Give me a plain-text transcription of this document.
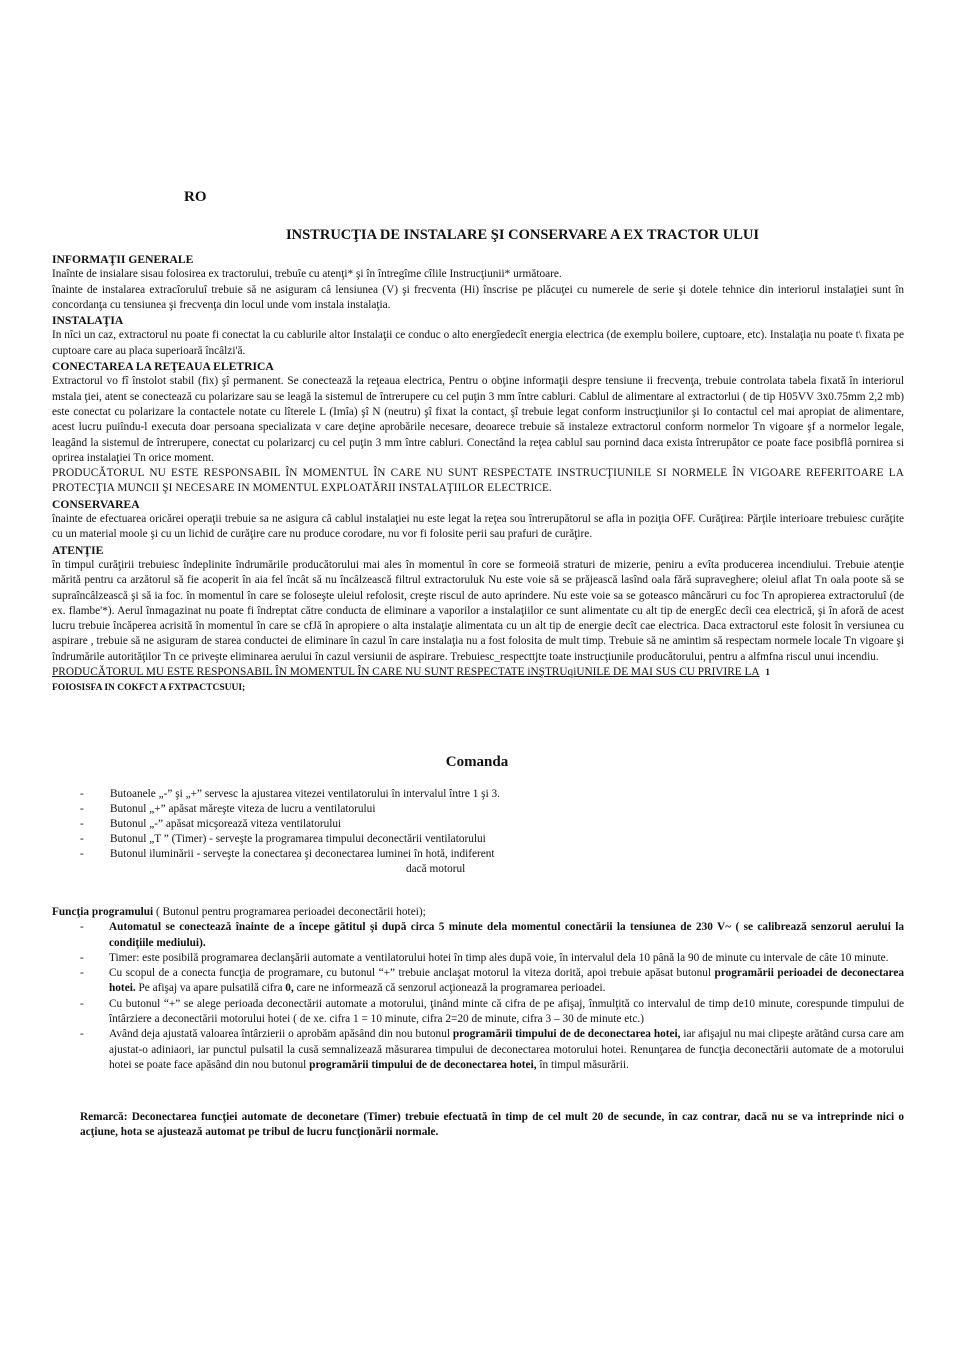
RO
INSTRUCŢIA DE INSTALARE ŞI CONSERVARE A EX TRACTOR ULUI
INFORMAŢII GENERALE

Inaînte de insialare sisau folosirea ex tractorului, trebuîe cu atenţi* şi în întregîme cîlile Instrucţiunii* următoare.
înainte de instalarea extracîoruluî trebuie să ne asiguram câ lensiunea (V) şi frecventa (Hi) înscrise pe plăcuţei cu numerele de serie şi dotele tehnice din interiorul instalaţiei sunt în concordanţa cu tensiunea şi frecvenţa din locul unde vom instala instalaţia.

INSTALAŢIA

In nîci un caz, extractorul nu poate fi conectat la cu cablurile altor Instalaţii ce conduc o alto energîedecît energia electrica (de exemplu boilere, cuptoare, etc). Instalaţia nu poate t\ fixata pe cuptoare care au placa superioară încâlzi'ă.

CONECTAREA LA REŢEAUA ELETRICA

Extractorul vo fî înstolot stabil (fix) şî permanent. Se conectează la reţeaua electrica, Pentru o obţine informaţii despre tensiune ii frecvenţa, trebuie controlata tabela fixată în interiorul mstala ţiei, atent se conectează cu polarizare sau se leagă la sistemul de întrerupere cu cel puţin 3 mm între cabluri. Cablul de alimentare al extractorlui ( de tip H05VV 3x0.75mm 2,2 mb) este conectat cu polarizare la contactele notate cu lîterele L (Imîa) şî N (neutru) şî fixat la contact, şî trebuie legat conform instrucţiunilor şi Io contactul cel mai apropiat de alimentare, acest lucru puiîndu-l executa doar persoana specializata v care deţine aprobările necesare, deoarece trebuie să instaleze extractorul conform normelor Tn vigoare şf a normelor legale, leagând la sistemul de întrerupere, conectat cu polarizarcj cu cel puţin 3 mm între cabluri. Conectând la reţea cablul sau pornind daca exista întrerupător ce poate face posibflâ pornirea si oprirea instalaţiei Tn orice moment.

PRODUCĂTORUL NU ESTE RESPONSABIL ÎN MOMENTUL ÎN CARE NU SUNT RESPECTATE INSTRUCŢIUNILE SI NORMELE ÎN VIGOARE REFERITOARE LA PROTECŢIA MUNCII ŞI NECESARE IN MOMENTUL EXPLOATĂRII INSTALAŢIILOR ELECTRICE.

CONSERVAREA

înainte de efectuarea oricărei operaţii trebuie sa ne asigura câ cablul instalaţiei nu este legat la reţea sou întrerupătorul se afla in poziţia OFF. Curăţirea: Părţile interioare trebuiesc curăţite cu un material moole şi cu un lichid de curăţire care nu produce corodare, nu vor fi folosite perii sau prafuri de curăţire.

ATENŢIE

în timpul curăţirii trebuiesc îndeplinite îndrumările producătorului mai ales în momentul în core se formeoiă straturi de mizerie, peniru a evîta producerea incendiului. Trebuie atenţie mărită pentru ca arzătorul să fie acoperit în aia fel încât să nu încâlzească filtrul extractoruluk Nu este voie să se prăjească lasînd oala fără supraveghere; oleiul aflat Tn oala poote să se supraîncâlzească şi să ia foc. în momentul în care se foloseşte uleiul refolosit, creşte riscul de auto aprindere. Nu este voie sa se goteasco mâncăruri cu foc Tn apropierea extractoruluî (de ex. flambe'*). Aerul înmagazinat nu poate fi îndreptat către conducta de eliminare a vaporilor a instalaţiilor ce sunt alimentate cu alt tip de energEc decîi cea electrică, şi în aforă de acest lucru trebuie încăperea acrisită în momentul în care se cfJă în apropiere o alta instalaţie alimentata cu un alt tip de energie decît cae electrica. Daca extractorul este folosit în versiunea cu aspirare , trebuie să ne asiguram de starea conductei de eliminare în cazul în care instalaţia nu a fost folosita de mult timp. Trebuie să ne amintim să respectam normele locale Tn vigoare şi îndrumările autorităţilor Tn ce priveşte eliminarea aerului în cazul versiunii de aspirare. Trebuiesc_respecttjte toate instrucţiunile producătorului, pentru a alfmfna riscul unui incendiu.

PRODUCĂTORUL MU ESTE RESPONSABIL ÎN MOMENTUL ÎN CARE NU SUNT RESPECTATE iNŞTRUqiUNILE DE MAI SUS CU PRIVIRE LA 1

FOIOSISFA IN COKFCT A FXTPACTCSUUI;

Comanda
- Butoanele „-” şi „+” servesc la ajustarea vitezei ventilatorului în intervalul între 1 şi 3.
- Butonul „+” apăsat măreşte viteza de lucru a ventilatorului
- Butonul „-” apăsat micşorează viteza ventilatorului
- Butonul „T ” (Timer) - serveşte la programarea timpului deconectării ventilatorului
- Butonul iluminării - serveşte la conectarea şi deconectarea luminei în hotă, indiferent
dacă motorul
Funcţia programului ( Butonul pentru programarea perioadei deconectării hotei);
- Automatul se conectează înainte de a începe gătitul şi după circa 5 minute dela momentul conectării la tensiunea de 230 V~ ( se calibrează senzorul aerului la condiţiile mediului).
- Timer: este posibilă programarea declanşării automate a ventilatorului hotei în timp ales după voie, în intervalul dela 10 până la 90 de minute cu intervale de câte 10 minute.
- Cu scopul de a conecta funcţia de programare, cu butonul “+” trebuie anclaşat motorul la viteza dorită, apoi trebuie apăsat butonul programării perioadei de deconectarea hotei. Pe afişaj va apare pulsatilă cifra 0, care ne informează că senzorul acţionează la programarea perioadei.
- Cu butonul “+” se alege perioada deconectării automate a motorului, ţinând minte că cifra de pe afişaj, înmulţită co intervalul de timp de10 minute, corespunde timpului de întârziere a deconectării motorului hotei ( de xe. cifra 1 = 10 minute, cifra 2=20 de minute, cifra 3 – 30 de minute etc.)
- Având deja ajustată valoarea întârzierii o aprobăm apăsând din nou butonul programării timpului de de deconectarea hotei, iar afişajul nu mai clipeşte arătând cursa care am ajustat-o adiniaori, iar punctul pulsatil la cusă semnalizează măsurarea timpului de deconectarea motorului hotei. Renunţarea de funcţia deconectării automate de a motorului hotei se poate face apăsând din nou butonul programării timpului de de deconectarea hotei, în timpul măsurării.
Remarcă: Deconectarea funcţiei automate de deconetare (Timer) trebuie efectuată în timp de cel mult 20 de secunde, în caz contrar, dacă nu se va intreprinde nici o acţiune, hota se ajustează automat pe tribul de lucru funcţionării normale.
